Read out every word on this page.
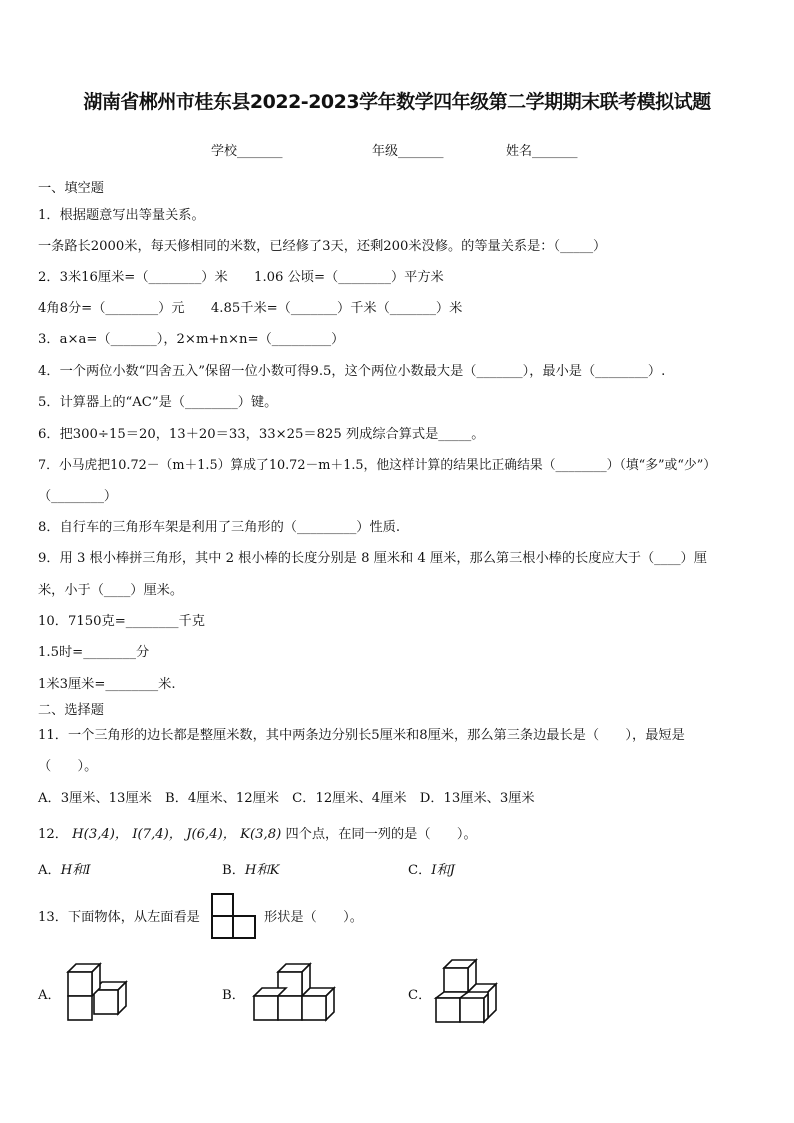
湖南省郴州市桂东县2022-2023学年数学四年级第二学期期末联考模拟试题
学校_______	年级_______	姓名_______
一、填空题
1．根据题意写出等量关系。
一条路长2000米，每天修相同的米数，已经修了3天，还剩200米没修。的等量关系是：（_____）
2．3米16厘米=（________）米　　1.06 公顷=（________）平方米
4角8分=（________）元　　4.85千米=（_______）千米（_______）米
3．a×a=（_______），2×m+n×n=（_________）
4．一个两位小数“四舍五入”保留一位小数可得9.5，这个两位小数最大是（_______），最小是（________）.
5．计算器上的“AC”是（________）键。
6．把300÷15＝20，13＋20＝33，33×25＝825 列成综合算式是_____。
7．小马虎把10.72－（m＋1.5）算成了10.72－m＋1.5，他这样计算的结果比正确结果（________）（填“多”或“少”）
（________）
8．自行车的三角形车架是利用了三角形的（_________）性质.
9．用 3 根小棒拼三角形，其中 2 根小棒的长度分别是 8 厘米和 4 厘米，那么第三根小棒的长度应大于（____）厘
米，小于（____）厘米。
10．7150克=________千克
1.5时=________分
1米3厘米=________米.
二、选择题
11．一个三角形的边长都是整厘米数，其中两条边分别长5厘米和8厘米，那么第三条边最长是（　　），最短是
（　　）。
A．3厘米、13厘米　B．4厘米、12厘米　C．12厘米、4厘米　D．13厘米、3厘米
12． H(3,4)， I(7,4)， J(6,4)， K(3,8) 四个点，在同一列的是（　　）。
A．H和I	B．H和K	C．I和J
13．下面物体，从左面看是	形状是（　　）。
A．	B．	C．
